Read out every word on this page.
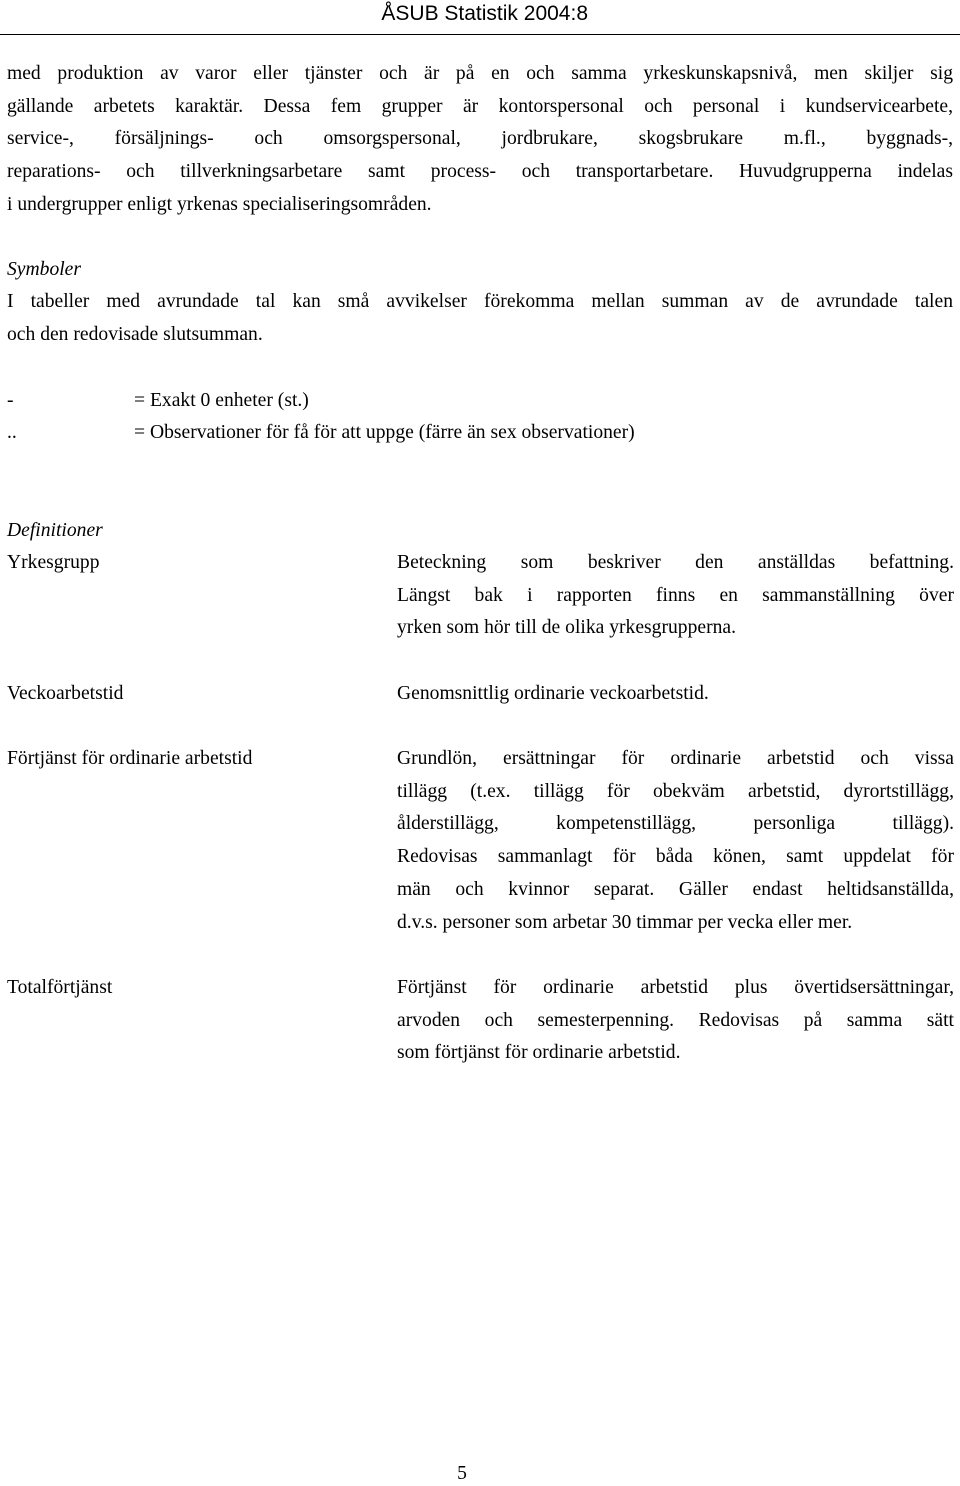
ÅSUB Statistik 2004:8
med produktion av varor eller tjänster och är på en och samma yrkeskunskapsnivå, men skiljer sig
gällande arbetets karaktär. Dessa fem grupper är kontorspersonal och personal i kundservicearbete,
service-, försäljnings- och omsorgspersonal, jordbrukare, skogsbrukare m.fl., byggnads-,
reparations- och tillverkningsarbetare samt process- och transportarbetare. Huvudgrupperna indelas
i undergrupper enligt yrkenas specialiseringsområden.
Symboler
I tabeller med avrundade tal kan små avvikelser förekomma mellan summan av de avrundade talen
och den redovisade slutsumman.
-	= Exakt 0 enheter (st.)
..	= Observationer för få för att uppge (färre än sex observationer)
Definitioner
Yrkesgrupp	Beteckning som beskriver den anställdas befattning.
Längst bak i rapporten finns en sammanställning över
yrken som hör till de olika yrkesgrupperna.
Veckoarbetstid	Genomsnittlig ordinarie veckoarbetstid.
Förtjänst för ordinarie arbetstid	Grundlön, ersättningar för ordinarie arbetstid och vissa
tillägg (t.ex. tillägg för obekväm arbetstid, dyrortstillägg,
ålderstillägg, kompetenstillägg, personliga tillägg).
Redovisas sammanlagt för båda könen, samt uppdelat för
män och kvinnor separat. Gäller endast heltidsanställda,
d.v.s. personer som arbetar 30 timmar per vecka eller mer.
Totalförtjänst	Förtjänst för ordinarie arbetstid plus övertidsersättningar,
arvoden och semesterpenning. Redovisas på samma sätt
som förtjänst för ordinarie arbetstid.
5
